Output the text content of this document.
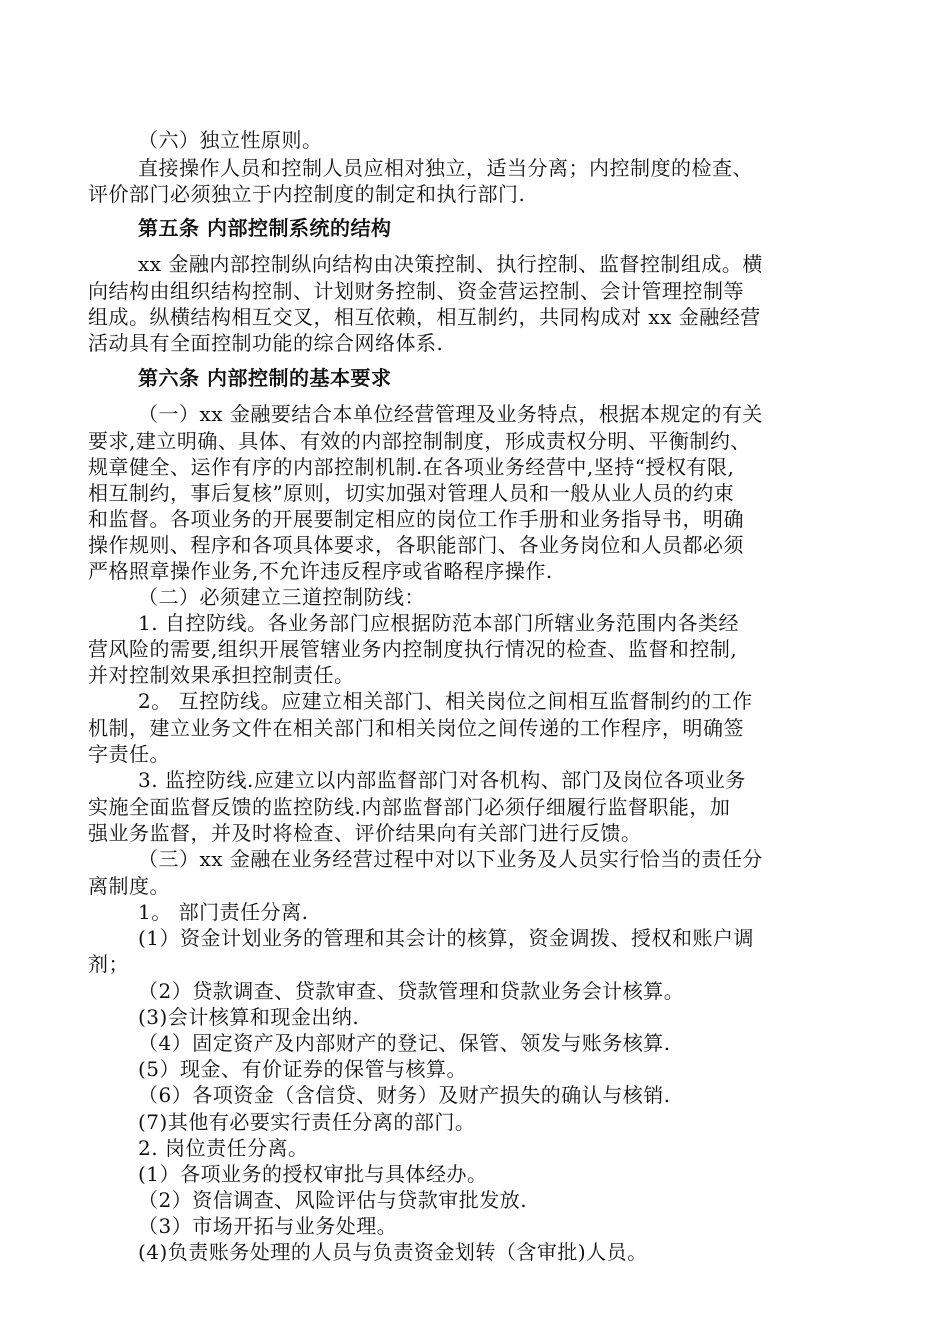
（六）独立性原则。
直接操作人员和控制人员应相对独立，适当分离；内控制度的检查、
评价部门必须独立于内控制度的制定和执行部门.
第五条 内部控制系统的结构
xx 金融内部控制纵向结构由决策控制、执行控制、监督控制组成。横
向结构由组织结构控制、计划财务控制、资金营运控制、会计管理控制等
组成。纵横结构相互交叉，相互依赖，相互制约，共同构成对 xx 金融经营
活动具有全面控制功能的综合网络体系.
第六条 内部控制的基本要求
（一）xx 金融要结合本单位经营管理及业务特点，根据本规定的有关
要求,建立明确、具体、有效的内部控制制度，形成责权分明、平衡制约、
规章健全、运作有序的内部控制机制.在各项业务经营中,坚持“授权有限,
相互制约，事后复核”原则，切实加强对管理人员和一般从业人员的约束
和监督。各项业务的开展要制定相应的岗位工作手册和业务指导书，明确
操作规则、程序和各项具体要求，各职能部门、各业务岗位和人员都必须
严格照章操作业务,不允许违反程序或省略程序操作.
（二）必须建立三道控制防线：
1. 自控防线。各业务部门应根据防范本部门所辖业务范围内各类经
营风险的需要,组织开展管辖业务内控制度执行情况的检查、监督和控制,
并对控制效果承担控制责任。
2。 互控防线。应建立相关部门、相关岗位之间相互监督制约的工作
机制，建立业务文件在相关部门和相关岗位之间传递的工作程序，明确签
字责任。
3. 监控防线.应建立以内部监督部门对各机构、部门及岗位各项业务
实施全面监督反馈的监控防线.内部监督部门必须仔细履行监督职能，加
强业务监督，并及时将检查、评价结果向有关部门进行反馈。
（三）xx 金融在业务经营过程中对以下业务及人员实行恰当的责任分
离制度。
1。 部门责任分离.
(1）资金计划业务的管理和其会计的核算，资金调拨、授权和账户调
剂；
（2）贷款调查、贷款审查、贷款管理和贷款业务会计核算。
(3)会计核算和现金出纳.
（4）固定资产及内部财产的登记、保管、领发与账务核算.
(5）现金、有价证券的保管与核算。
（6）各项资金（含信贷、财务）及财产损失的确认与核销.
(7)其他有必要实行责任分离的部门。
2. 岗位责任分离。
(1）各项业务的授权审批与具体经办。
（2）资信调查、风险评估与贷款审批发放.
（3）市场开拓与业务处理。
(4)负责账务处理的人员与负责资金划转（含审批)人员。
